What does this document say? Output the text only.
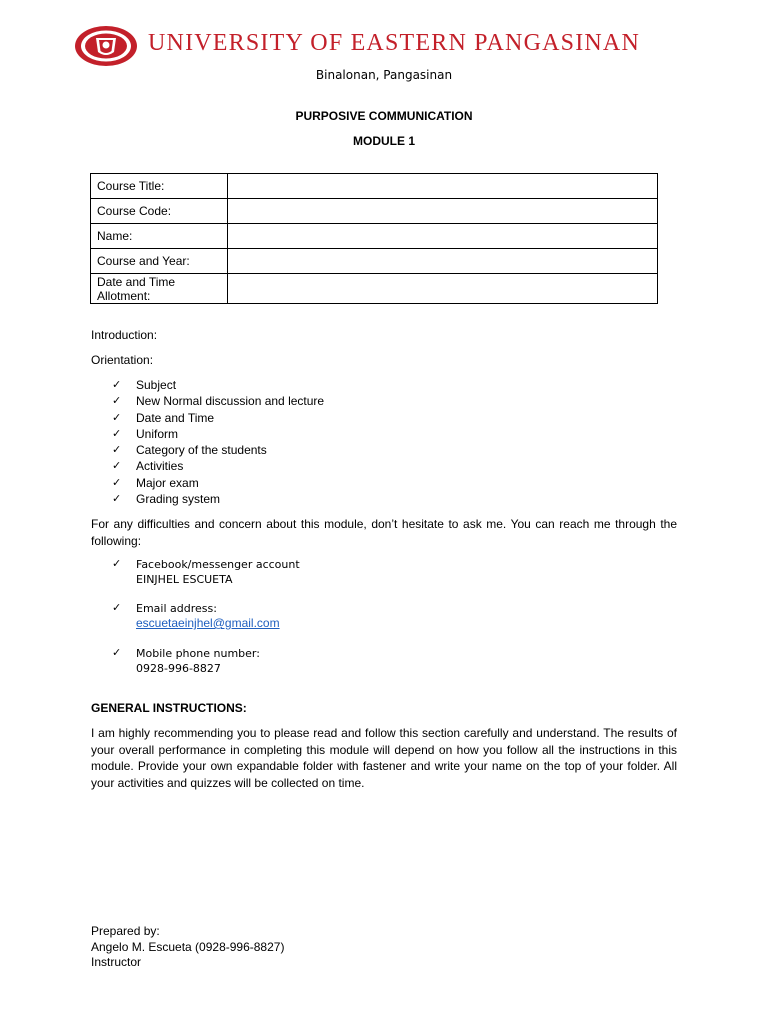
UNIVERSITY OF EASTERN PANGASINAN
Binalonan, Pangasinan
PURPOSIVE COMMUNICATION
MODULE 1
Course Title:	
Course Code:	
Name:	
Course and Year:	
Date and Time Allotment:	
Introduction:
Orientation:
✓	Subject
✓	New Normal discussion and lecture
✓	Date and Time
✓	Uniform
✓	Category of the students
✓	Activities
✓	Major exam
✓	Grading system
For any difficulties and concern about this module, don’t hesitate to ask me. You can reach me through the following:
✓	Facebook/messenger account
EINJHEL ESCUETA
✓	Email address:
escuetaeinjhel@gmail.com
✓	Mobile phone number:
0928-996-8827
GENERAL INSTRUCTIONS:
I am highly recommending you to please read and follow this section carefully and understand. The results of your overall performance in completing this module will depend on how you follow all the instructions in this module. Provide your own expandable folder with fastener and write your name on the top of your folder. All your activities and quizzes will be collected on time.
Prepared by:
Angelo M. Escueta (0928-996-8827)
Instructor
